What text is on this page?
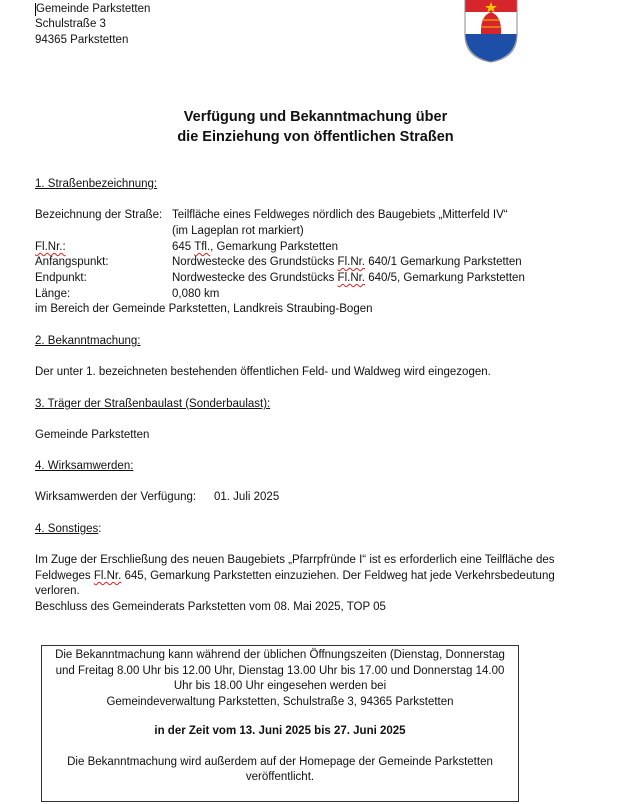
Gemeinde Parkstetten
Schulstraße 3
94365 Parkstetten
Verfügung und Bekanntmachung über
die Einziehung von öffentlichen Straßen
1. Straßenbezeichnung:
Bezeichnung der Straße: Teilfläche eines Feldweges nördlich des Baugebiets „Mitterfeld IV“
(im Lageplan rot markiert)
Fl.Nr.:	645 Tfl., Gemarkung Parkstetten
Anfangspunkt:	Nordwestecke des Grundstücks Fl.Nr. 640/1 Gemarkung Parkstetten
Endpunkt:	Nordwestecke des Grundstücks Fl.Nr. 640/5, Gemarkung Parkstetten
Länge:	0,080 km
im Bereich der Gemeinde Parkstetten, Landkreis Straubing-Bogen
2. Bekanntmachung:
Der unter 1. bezeichneten bestehenden öffentlichen Feld- und Waldweg wird eingezogen.
3. Träger der Straßenbaulast (Sonderbaulast):
Gemeinde Parkstetten
4. Wirksamwerden:
Wirksamwerden der Verfügung: 01. Juli 2025
4. Sonstiges:
Im Zuge der Erschließung des neuen Baugebiets „Pfarrpfründe I“ ist es erforderlich eine Teilfläche des
Feldweges Fl.Nr. 645, Gemarkung Parkstetten einzuziehen. Der Feldweg hat jede Verkehrsbedeutung
verloren.
Beschluss des Gemeinderats Parkstetten vom 08. Mai 2025, TOP 05

Die Bekanntmachung kann während der üblichen Öffnungszeiten (Dienstag, Donnerstag

und Freitag 8.00 Uhr bis 12.00 Uhr, Dienstag 13.00 Uhr bis 17.00 und Donnerstag 14.00

Uhr bis 18.00 Uhr eingesehen werden bei

Gemeindeverwaltung Parkstetten, Schulstraße 3, 94365 Parkstetten

in der Zeit vom 13. Juni 2025 bis 27. Juni 2025

Die Bekanntmachung wird außerdem auf der Homepage der Gemeinde Parkstetten

veröffentlicht.
